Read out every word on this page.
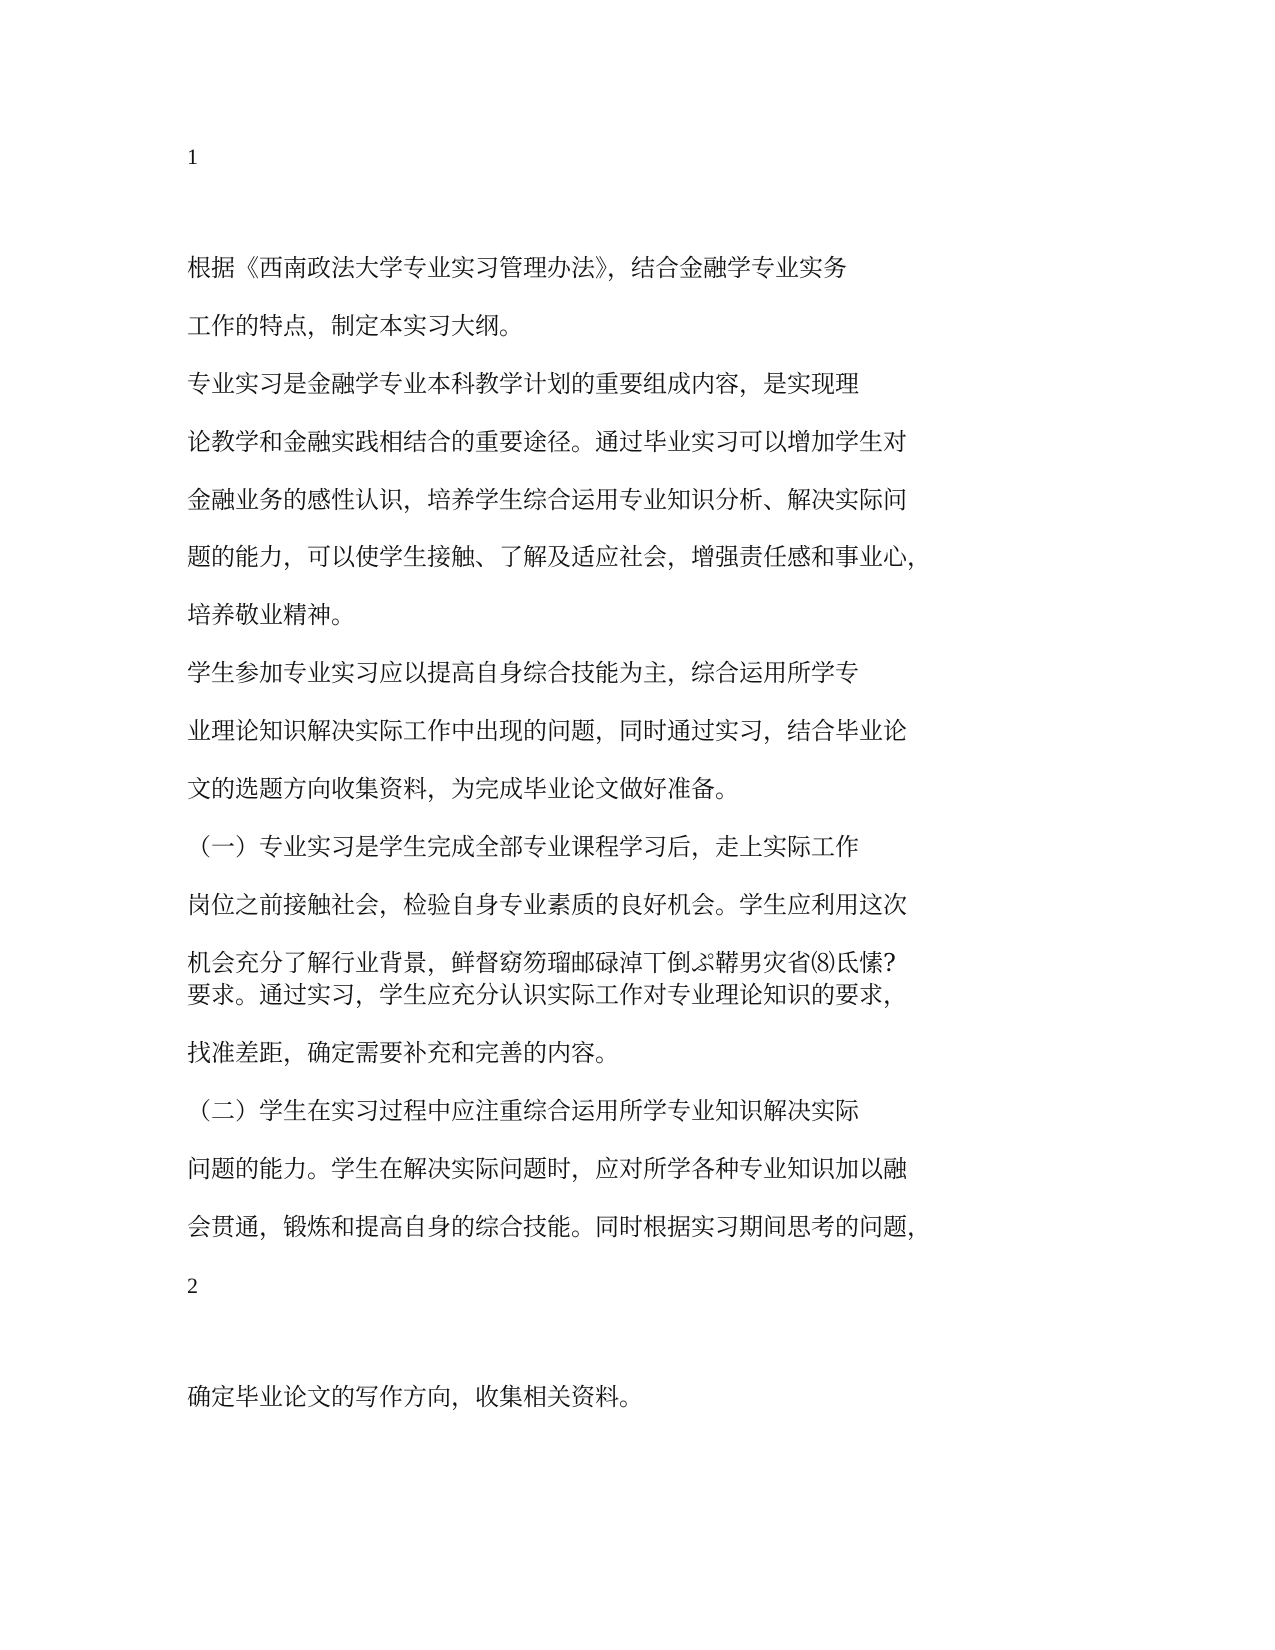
1
根据《西南政法大学专业实习管理办法》，结合金融学专业实务
工作的特点，制定本实习大纲。
专业实习是金融学专业本科教学计划的重要组成内容，是实现理
论教学和金融实践相结合的重要途径。通过毕业实习可以增加学生对
金融业务的感性认识，培养学生综合运用专业知识分析、解决实际问
题的能力，可以使学生接触、了解及适应社会，增强责任感和事业心，
培养敬业精神。
学生参加专业实习应以提高自身综合技能为主，综合运用所学专
业理论知识解决实际工作中出现的问题，同时通过实习，结合毕业论
文的选题方向收集资料，为完成毕业论文做好准备。
（一）专业实习是学生完成全部专业课程学习后，走上实际工作
岗位之前接触社会，检验自身专业素质的良好机会。学生应利用这次
机会充分了解行业背景，鲜督窈笏瑠邮碌淖丅倒ぷ鞯男灾省⑻氐愫?
要求。通过实习，学生应充分认识实际工作对专业理论知识的要求，
找准差距，确定需要补充和完善的内容。
（二）学生在实习过程中应注重综合运用所学专业知识解决实际
问题的能力。学生在解决实际问题时，应对所学各种专业知识加以融
会贯通，锻炼和提高自身的综合技能。同时根据实习期间思考的问题，
2
确定毕业论文的写作方向，收集相关资料。
